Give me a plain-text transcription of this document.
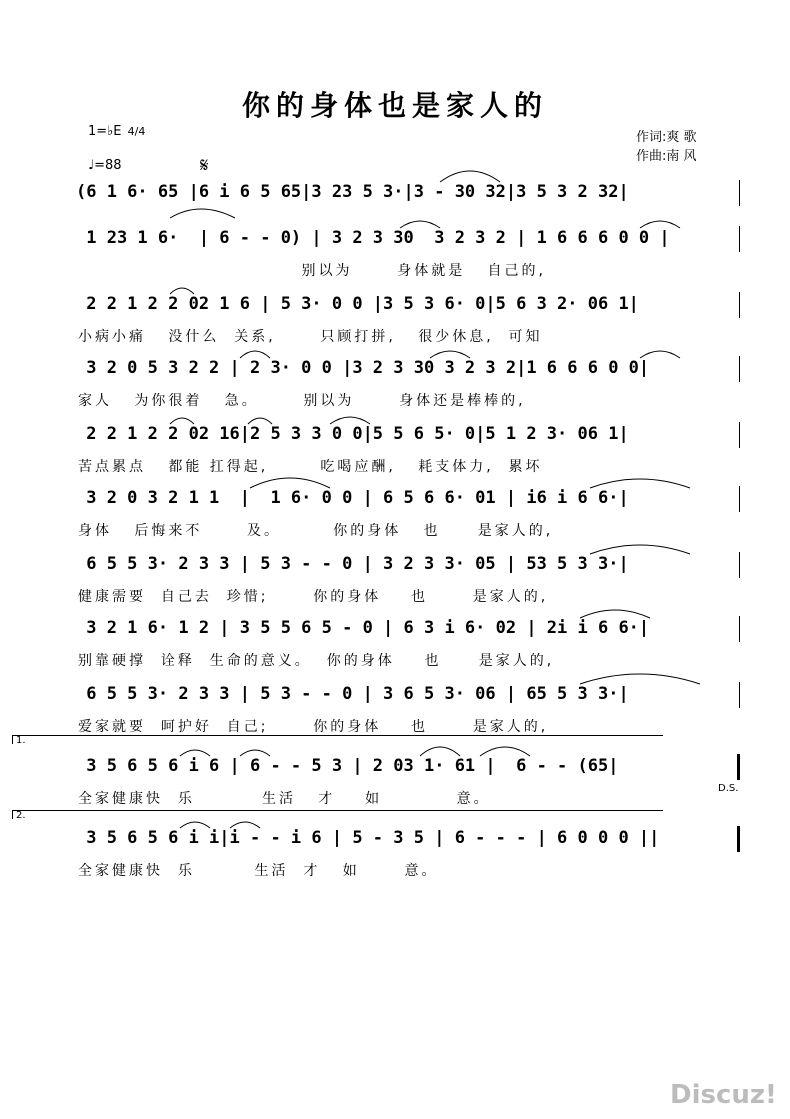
你的身体也是家人的
1=♭E 4/4
♩=88
作词:爽 歌
作曲:南 风
𝄋
(6 1 6· 65 |6 i 6 5 65|3 23 5 3·|3 - 30 32|3 5 3 2 32|
1 23 1 6·  | 6 - - 0) | 3 2 3 30  3 2 3 2 | 1 6 6 6 0 0 |
别以为      身体就是   自己的,
2 2 1 2 2 02 1 6 | 5 3· 0 0 |3 5 3 6· 0|5 6 3 2· 06 1|
小病小痛   没什么  关系,      只顾打拼,   很少休息,  可知
3 2 0 5 3 2 2 | 2 3· 0 0 |3 2 3 30 3 2 3 2|1 6 6 6 0 0|
家人   为你很着   急。      别以为      身体还是棒棒的,
2 2 1 2 2 02 16|2 5 3 3 0 0|5 5 6 5· 0|5 1 2 3· 06 1|
苦点累点   都能 扛得起,       吃喝应酬,   耗支体力,  累坏
3 2 0 3 2 1 1  |  1 6· 0 0 | 6 5 6 6· 01 | i6 i 6 6·|
身体   后悔来不      及。       你的身体   也     是家人的,
6 5 5 3· 2 3 3 | 5 3 - - 0 | 3 2 3 3· 05 | 53 5 3 3·|
健康需要  自己去  珍惜;      你的身体    也      是家人的,
3 2 1 6· 1 2 | 3 5 5 6 5 - 0 | 6 3 i 6· 02 | 2i i 6 6·|
别靠硬撑  诠释  生命的意义。  你的身体    也     是家人的,
6 5 5 3· 2 3 3 | 5 3 - - 0 | 3 6 5 3· 06 | 65 5 3 3·|
爱家就要  呵护好  自己;      你的身体    也      是家人的,
1.
3 5 6 5 6 i 6 | 6 - - 5 3 | 2 03 1· 61 |  6 - - (65|
全家健康快  乐         生活   才    如          意。
D.S.
2.
3 5 6 5 6 i i|i - - i 6 | 5 - 3 5 | 6 - - - | 6 0 0 0 ||
全家健康快  乐        生活  才   如      意。
Discuz!
